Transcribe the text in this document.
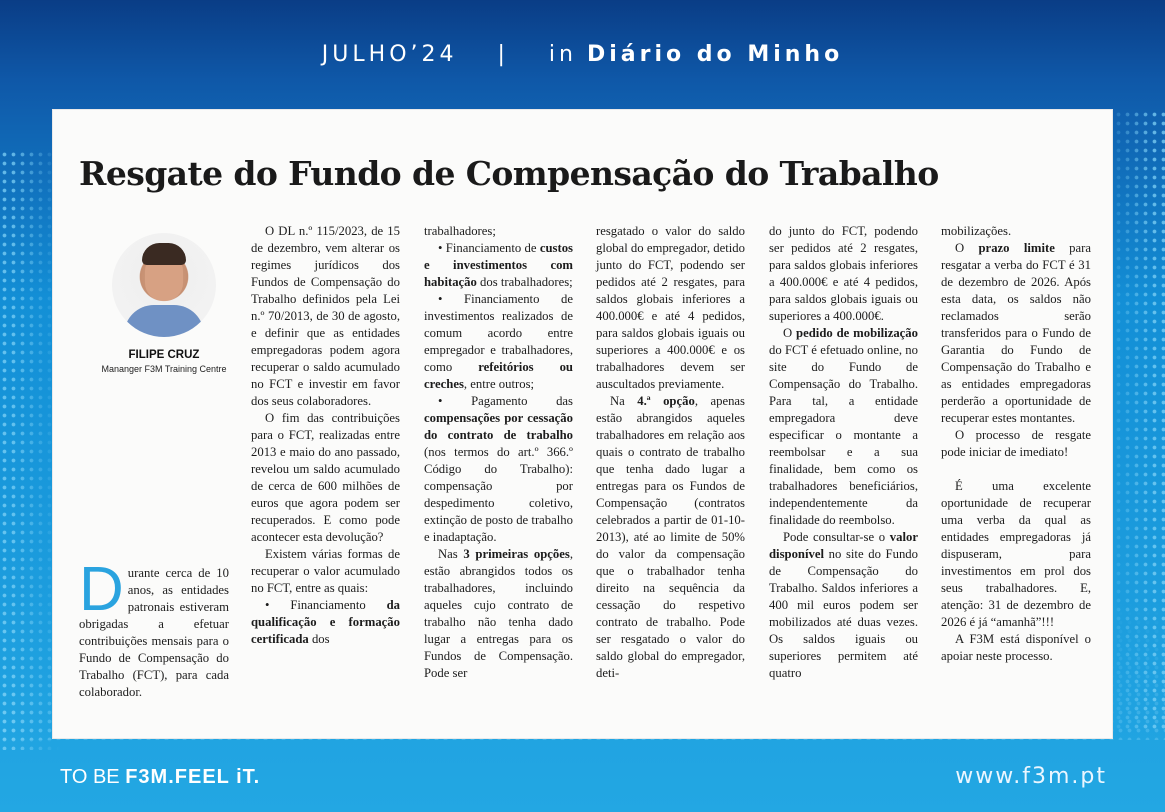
JULHO’24 | in Diário do Minho
Resgate do Fundo de Compensação do Trabalho
FILIPE CRUZ
Mananger F3M Training Centre

Durante cerca de 10 anos, as entidades patronais estiveram obrigadas a efetuar contribuições mensais para o Fundo de Compensação do Trabalho (FCT), para cada colaborador.

O DL n.º 115/2023, de 15 de dezembro, vem alterar os regimes jurídicos dos Fundos de Compensação do Trabalho definidos pela Lei n.º 70/2013, de 30 de agosto, e definir que as entidades empregadoras podem agora recuperar o saldo acumulado no FCT e investir em favor dos seus colaboradores.

O fim das contribuições para o FCT, realizadas entre 2013 e maio do ano passado, revelou um saldo acumulado de cerca de 600 milhões de euros que agora podem ser recuperados. E como pode acontecer esta devolução?

Existem várias formas de recuperar o valor acumulado no FCT, entre as quais:

• Financiamento da qualificação e formação certificada dos

trabalhadores;

• Financiamento de custos e investimentos com habitação dos trabalhadores;

• Financiamento de investimentos realizados de comum acordo entre empregador e trabalhadores, como refeitórios ou creches, entre outros;

• Pagamento das compensações por cessação do contrato de trabalho (nos termos do art.º 366.º Código do Trabalho): compensação por despedimento coletivo, extinção de posto de trabalho e inadaptação.

Nas 3 primeiras opções, estão abrangidos todos os trabalhadores, incluindo aqueles cujo contrato de trabalho não tenha dado lugar a entregas para os Fundos de Compensação. Pode ser

resgatado o valor do saldo global do empregador, detido junto do FCT, podendo ser pedidos até 2 resgates, para saldos globais inferiores a 400.000€ e até 4 pedidos, para saldos globais iguais ou superiores a 400.000€ e os trabalhadores devem ser auscultados previamente.

Na 4.ª opção, apenas estão abrangidos aqueles trabalhadores em relação aos quais o contrato de trabalho que tenha dado lugar a entregas para os Fundos de Compensação (contratos celebrados a partir de 01-10-2013), até ao limite de 50% do valor da compensação que o trabalhador tenha direito na sequência da cessação do respetivo contrato de trabalho. Pode ser resgatado o valor do saldo global do empregador, deti-

do junto do FCT, podendo ser pedidos até 2 resgates, para saldos globais inferiores a 400.000€ e até 4 pedidos, para saldos globais iguais ou superiores a 400.000€.

O pedido de mobilização do FCT é efetuado online, no site do Fundo de Compensação do Trabalho. Para tal, a entidade empregadora deve especificar o montante a reembolsar e a sua finalidade, bem como os trabalhadores beneficiários, independentemente da finalidade do reembolso.

Pode consultar-se o valor disponível no site do Fundo de Compensação do Trabalho. Saldos inferiores a 400 mil euros podem ser mobilizados até duas vezes. Os saldos iguais ou superiores permitem até quatro

mobilizações.

O prazo limite para resgatar a verba do FCT é 31 de dezembro de 2026. Após esta data, os saldos não reclamados serão transferidos para o Fundo de Garantia do Fundo de Compensação do Trabalho e as entidades empregadoras perderão a oportunidade de recuperar estes montantes.

O processo de resgate pode iniciar de imediato!

É uma excelente oportunidade de recuperar uma verba da qual as entidades empregadoras já dispuseram, para investimentos em prol dos seus trabalhadores. E, atenção: 31 de dezembro de 2026 é já “amanhã”!!!

A F3M está disponível o apoiar neste processo.

TO BE F3M.FEEL iT.	www.f3m.pt
